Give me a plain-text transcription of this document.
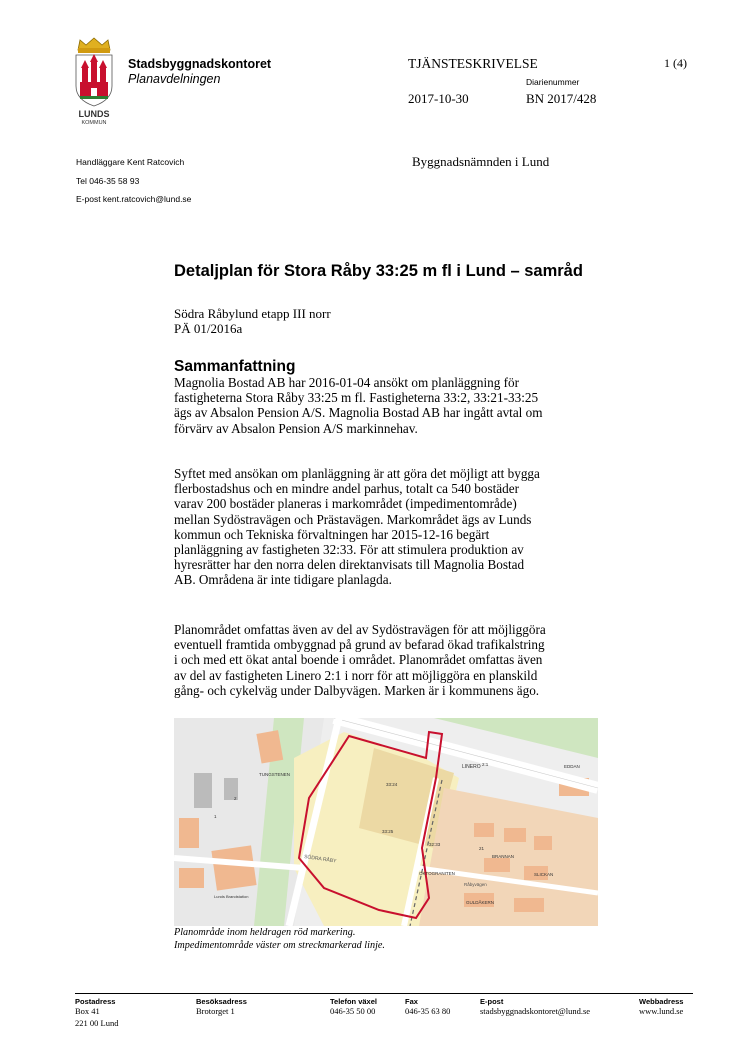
LUNDS
KOMMUN
Stadsbyggnadskontoret
Planavdelningen
TJÄNSTESKRIVELSE	1 (4)
Diarienummer
2017-10-30	BN 2017/428
Handläggare Kent Ratcovich
Tel 046-35 58 93
E-post kent.ratcovich@lund.se
Byggnadsnämnden i Lund
Detaljplan för Stora Råby 33:25 m fl i Lund – samråd
Södra Råbylund etapp III norr
PÄ 01/2016a
Sammanfattning
Magnolia Bostad AB har 2016-01-04 ansökt om planläggning för
fastigheterna Stora Råby 33:25 m fl. Fastigheterna 33:2, 33:21-33:25
ägs av Absalon Pension A/S. Magnolia Bostad AB har ingått avtal om
förvärv av Absalon Pension A/S markinnehav.
Syftet med ansökan om planläggning är att göra det möjligt att bygga
flerbostadshus och en mindre andel parhus, totalt ca 540 bostäder
varav 200 bostäder planeras i markområdet (impedimentområde)
mellan Sydöstravägen och Prästavägen. Markområdet ägs av Lunds
kommun och Tekniska förvaltningen har 2015-12-16 begärt
planläggning av fastigheten 32:33. För att stimulera produktion av
hyresrätter har den norra delen direktanvisats till Magnolia Bostad
AB. Områdena är inte tidigare planlagda.
Planområdet omfattas även av del av Sydöstravägen för att möjliggöra
eventuell framtida ombyggnad på grund av befarad ökad trafikalstring
i och med ett ökat antal boende i området. Planområdet omfattas även
av del av fastigheten Linero 2:1 i norr för att möjliggöra en planskild
gång- och cykelväg under Dalbyvägen. Marken är i kommunens ägo.
TUNGSTENEN
LINERO 2:1	EDDAN
33:25
33:24
SÖDRA RÅBY
OKTOGRANITEN
GULDÅKERN
BRANNAN
SLICKAN
Råbyvägen
Lunds Brandstation
32:33
1
2
21
Planområde inom heldragen röd markering.
Impedimentområde väster om streckmarkerad linje.
Postadress
Box 41
221 00 Lund
Besöksadress
Brotorget 1
Telefon växel
046-35 50 00
Fax
046-35 63 80
E-post
stadsbyggnadskontoret@lund.se
Webbadress
www.lund.se
